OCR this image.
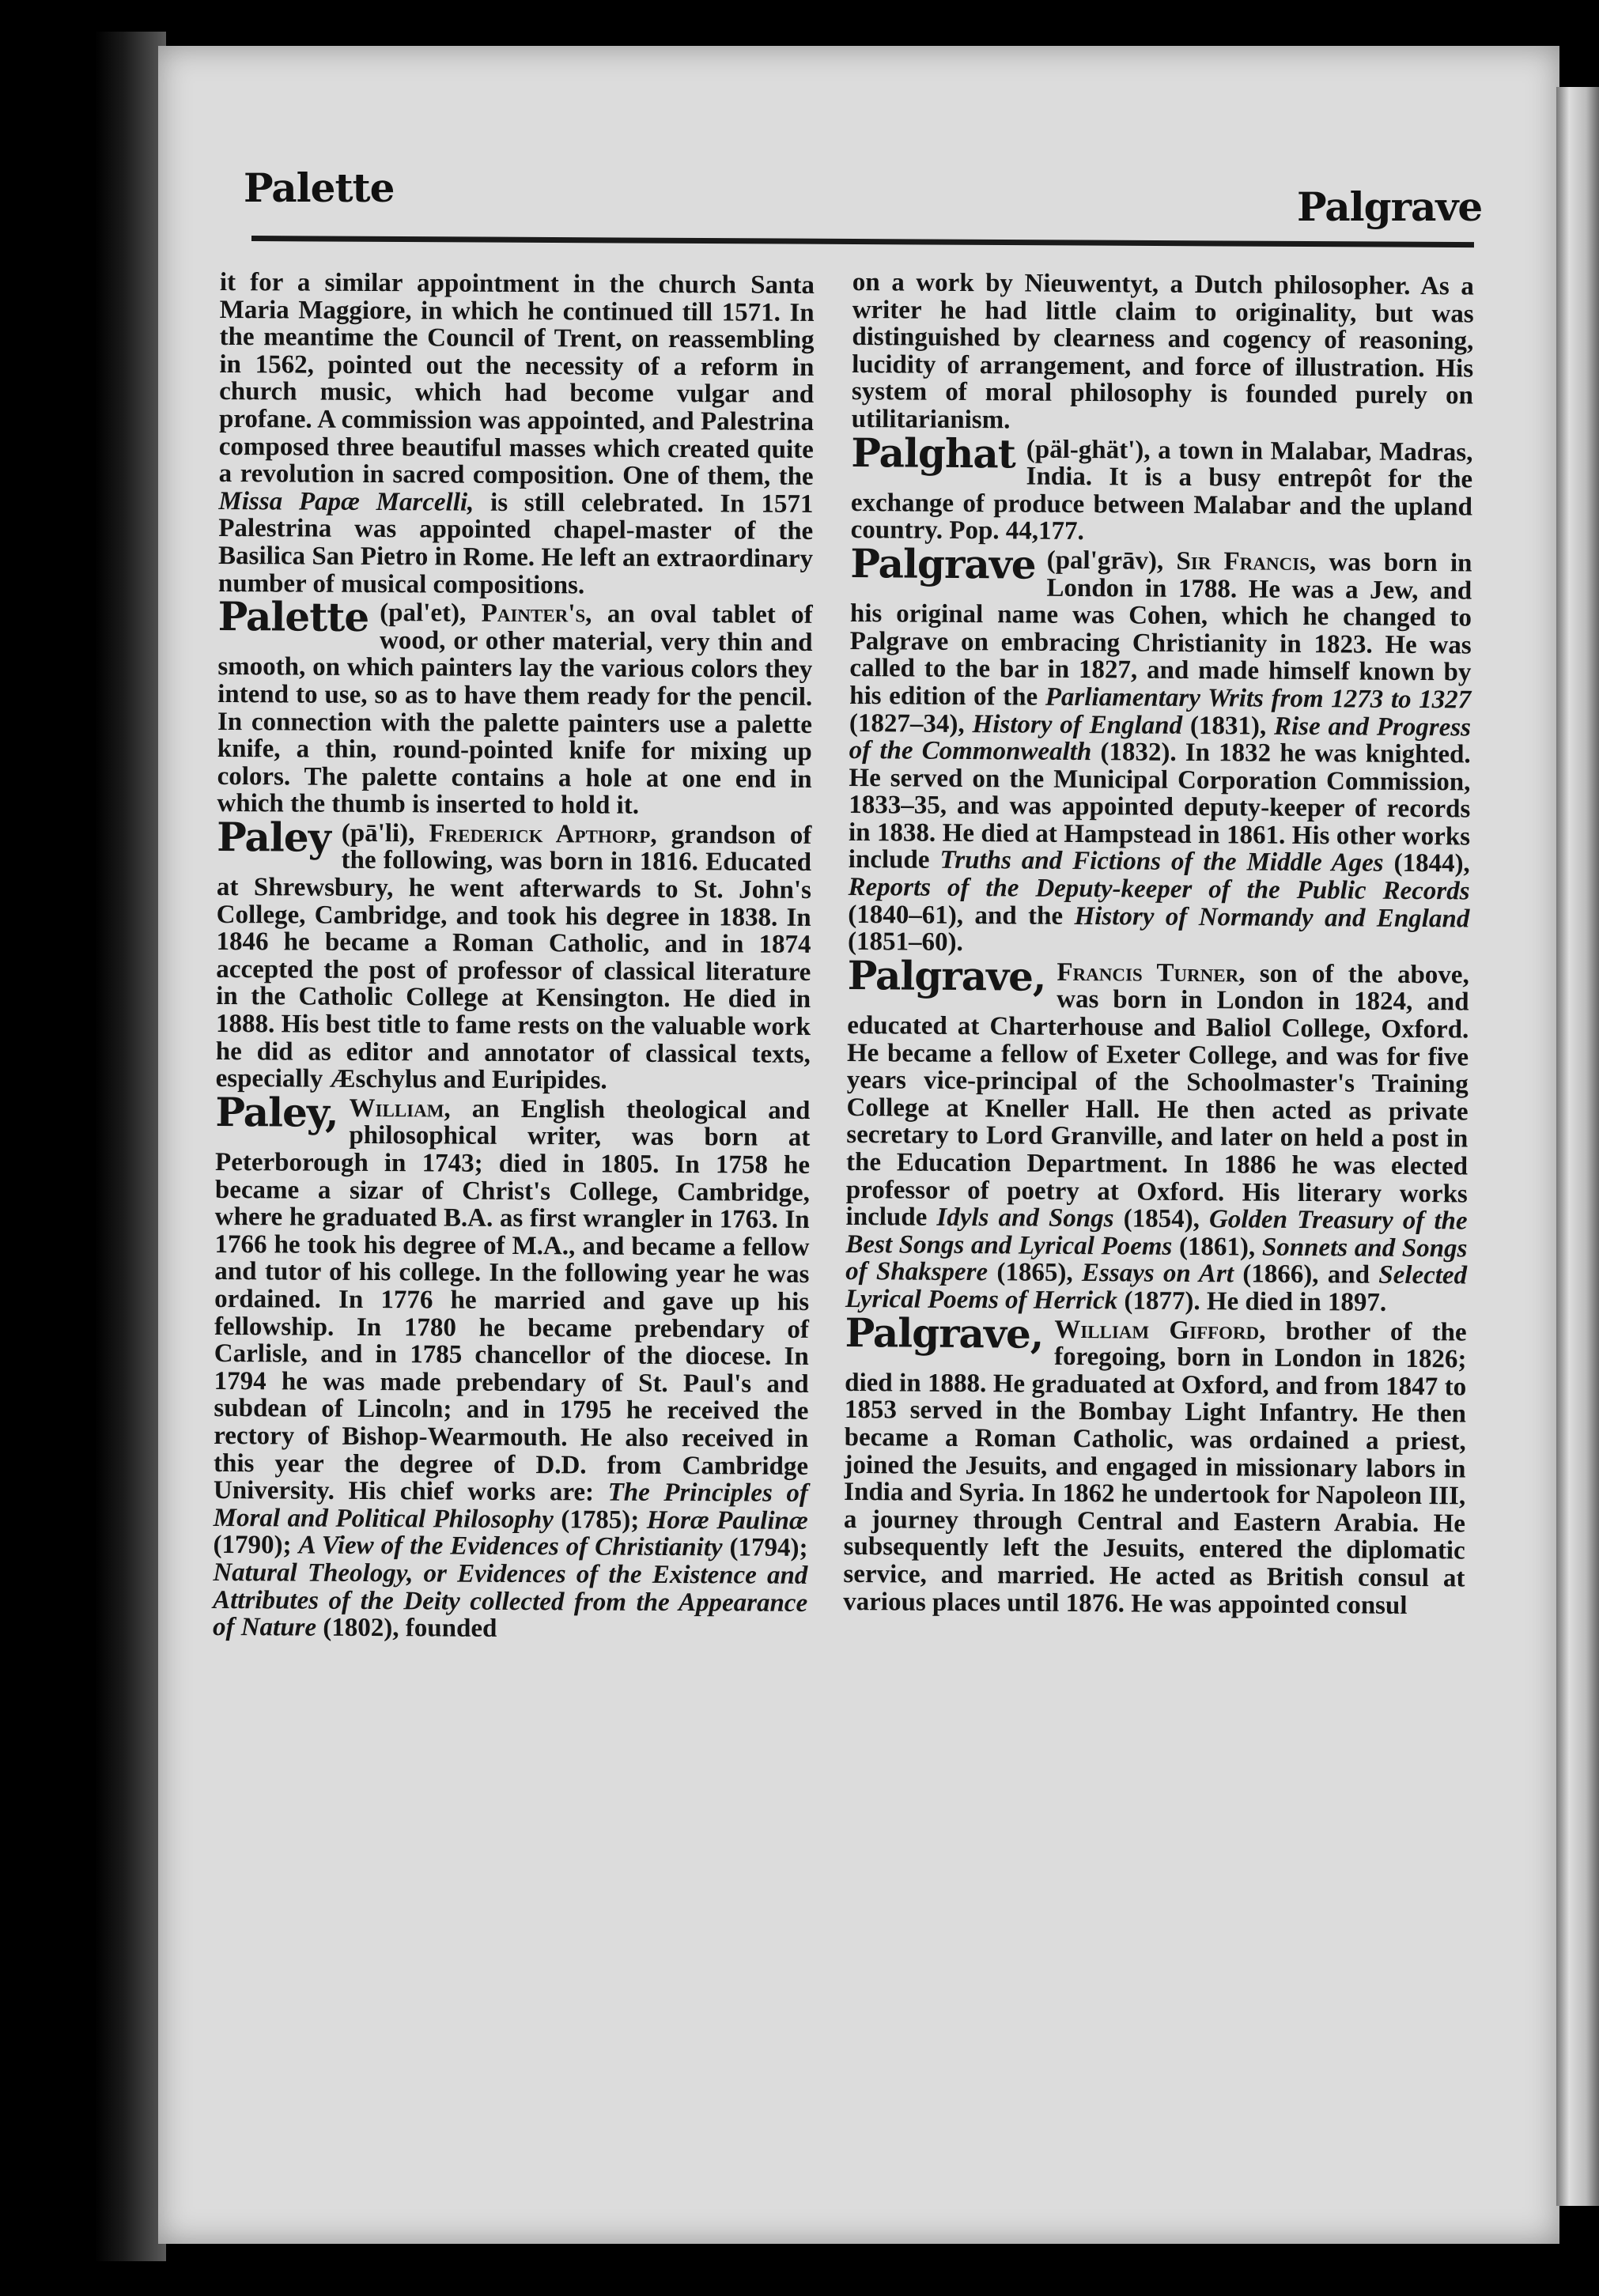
Palette	Palgrave

it for a similar appointment in the church Santa Maria Maggiore, in which he continued till 1571. In the meantime the Council of Trent, on reassembling in 1562, pointed out the necessity of a reform in church music, which had become vulgar and profane. A commission was appointed, and Palestrina composed three beautiful masses which created quite a revolution in sacred composition. One of them, the Missa Papæ Marcelli, is still celebrated. In 1571 Palestrina was appointed chapel-master of the Basilica San Pietro in Rome. He left an extraordinary number of musical compositions.

Palette (pal'et), Painter's, an oval tablet of wood, or other material, very thin and smooth, on which painters lay the various colors they intend to use, so as to have them ready for the pencil. In connection with the palette painters use a palette knife, a thin, round-pointed knife for mixing up colors. The palette contains a hole at one end in which the thumb is inserted to hold it.

Paley (pā'li), Frederick Apthorp, grandson of the following, was born in 1816. Educated at Shrewsbury, he went afterwards to St. John's College, Cambridge, and took his degree in 1838. In 1846 he became a Roman Catholic, and in 1874 accepted the post of professor of classical literature in the Catholic College at Kensington. He died in 1888. His best title to fame rests on the valuable work he did as editor and annotator of classical texts, especially Æschylus and Euripides.

Paley, William, an English theological and philosophical writer, was born at Peterborough in 1743; died in 1805. In 1758 he became a sizar of Christ's College, Cambridge, where he graduated B.A. as first wrangler in 1763. In 1766 he took his degree of M.A., and became a fellow and tutor of his college. In the following year he was ordained. In 1776 he married and gave up his fellowship. In 1780 he became prebendary of Carlisle, and in 1785 chancellor of the diocese. In 1794 he was made prebendary of St. Paul's and subdean of Lincoln; and in 1795 he received the rectory of Bishop-Wearmouth. He also received in this year the degree of D.D. from Cambridge University. His chief works are: The Principles of Moral and Political Philosophy (1785); Horæ Paulinæ (1790); A View of the Evidences of Christianity (1794); Natural Theology, or Evidences of the Existence and Attributes of the Deity collected from the Appearance of Nature (1802), founded

on a work by Nieuwentyt, a Dutch philosopher. As a writer he had little claim to originality, but was distinguished by clearness and cogency of reasoning, lucidity of arrangement, and force of illustration. His system of moral philosophy is founded purely on utilitarianism.

Palghat (päl-ghät'), a town in Malabar, Madras, India. It is a busy entrepôt for the exchange of produce between Malabar and the upland country. Pop. 44,177.

Palgrave (pal'grāv), Sir Francis, was born in London in 1788. He was a Jew, and his original name was Cohen, which he changed to Palgrave on embracing Christianity in 1823. He was called to the bar in 1827, and made himself known by his edition of the Parliamentary Writs from 1273 to 1327 (1827–34), History of England (1831), Rise and Progress of the Commonwealth (1832). In 1832 he was knighted. He served on the Municipal Corporation Commission, 1833–35, and was appointed deputy-keeper of records in 1838. He died at Hampstead in 1861. His other works include Truths and Fictions of the Middle Ages (1844), Reports of the Deputy-keeper of the Public Records (1840–61), and the History of Normandy and England (1851–60).

Palgrave, Francis Turner, son of the above, was born in London in 1824, and educated at Charterhouse and Baliol College, Oxford. He became a fellow of Exeter College, and was for five years vice-principal of the Schoolmaster's Training College at Kneller Hall. He then acted as private secretary to Lord Granville, and later on held a post in the Education Department. In 1886 he was elected professor of poetry at Oxford. His literary works include Idyls and Songs (1854), Golden Treasury of the Best Songs and Lyrical Poems (1861), Sonnets and Songs of Shakspere (1865), Essays on Art (1866), and Selected Lyrical Poems of Herrick (1877). He died in 1897.

Palgrave, William Gifford, brother of the foregoing, born in London in 1826; died in 1888. He graduated at Oxford, and from 1847 to 1853 served in the Bombay Light Infantry. He then became a Roman Catholic, was ordained a priest, joined the Jesuits, and engaged in missionary labors in India and Syria. In 1862 he undertook for Napoleon III, a journey through Central and Eastern Arabia. He subsequently left the Jesuits, entered the diplomatic service, and married. He acted as British consul at various places until 1876. He was appointed consul
